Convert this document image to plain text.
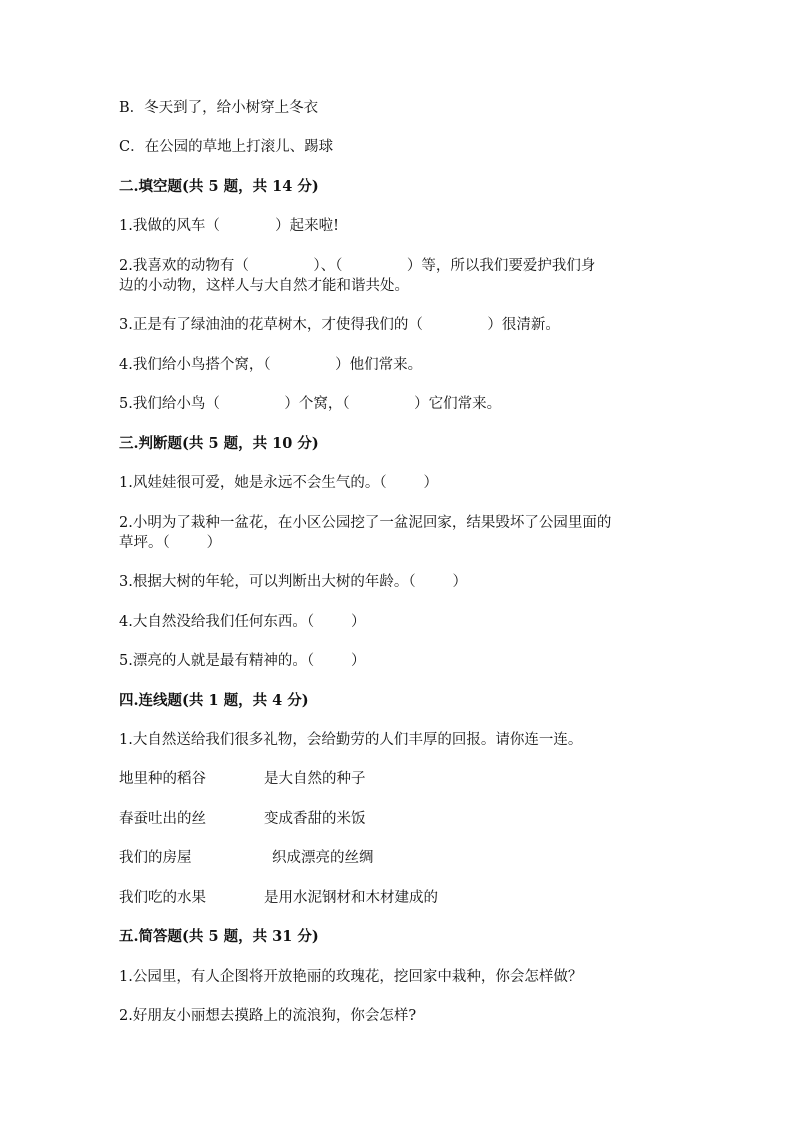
B．冬天到了，给小树穿上冬衣
C．在公园的草地上打滚儿、踢球
二.填空题(共 5 题，共 14 分)
1.我做的风车（            ）起来啦!
2.我喜欢的动物有（              ）、（              ）等，所以我们要爱护我们身
边的小动物，这样人与大自然才能和谐共处。
3.正是有了绿油油的花草树木，才使得我们的（              ）很清新。
4.我们给小鸟搭个窝，（              ）他们常来。
5.我们给小鸟（              ）个窝，（              ）它们常来。
三.判断题(共 5 题，共 10 分)
1.风娃娃很可爱，她是永远不会生气的。（        ）
2.小明为了栽种一盆花，在小区公园挖了一盆泥回家，结果毁坏了公园里面的
草坪。（        ）
3.根据大树的年轮，可以判断出大树的年龄。（        ）
4.大自然没给我们任何东西。（        ）
5.漂亮的人就是最有精神的。（        ）
四.连线题(共 1 题，共 4 分)
1.大自然送给我们很多礼物，会给勤劳的人们丰厚的回报。请你连一连。
地里种的稻谷	是大自然的种子
春蚕吐出的丝	变成香甜的米饭
我们的房屋	织成漂亮的丝绸
我们吃的水果	是用水泥钢材和木材建成的
五.简答题(共 5 题，共 31 分)
1.公园里，有人企图将开放艳丽的玫瑰花，挖回家中栽种，你会怎样做？
2.好朋友小丽想去摸路上的流浪狗，你会怎样?
